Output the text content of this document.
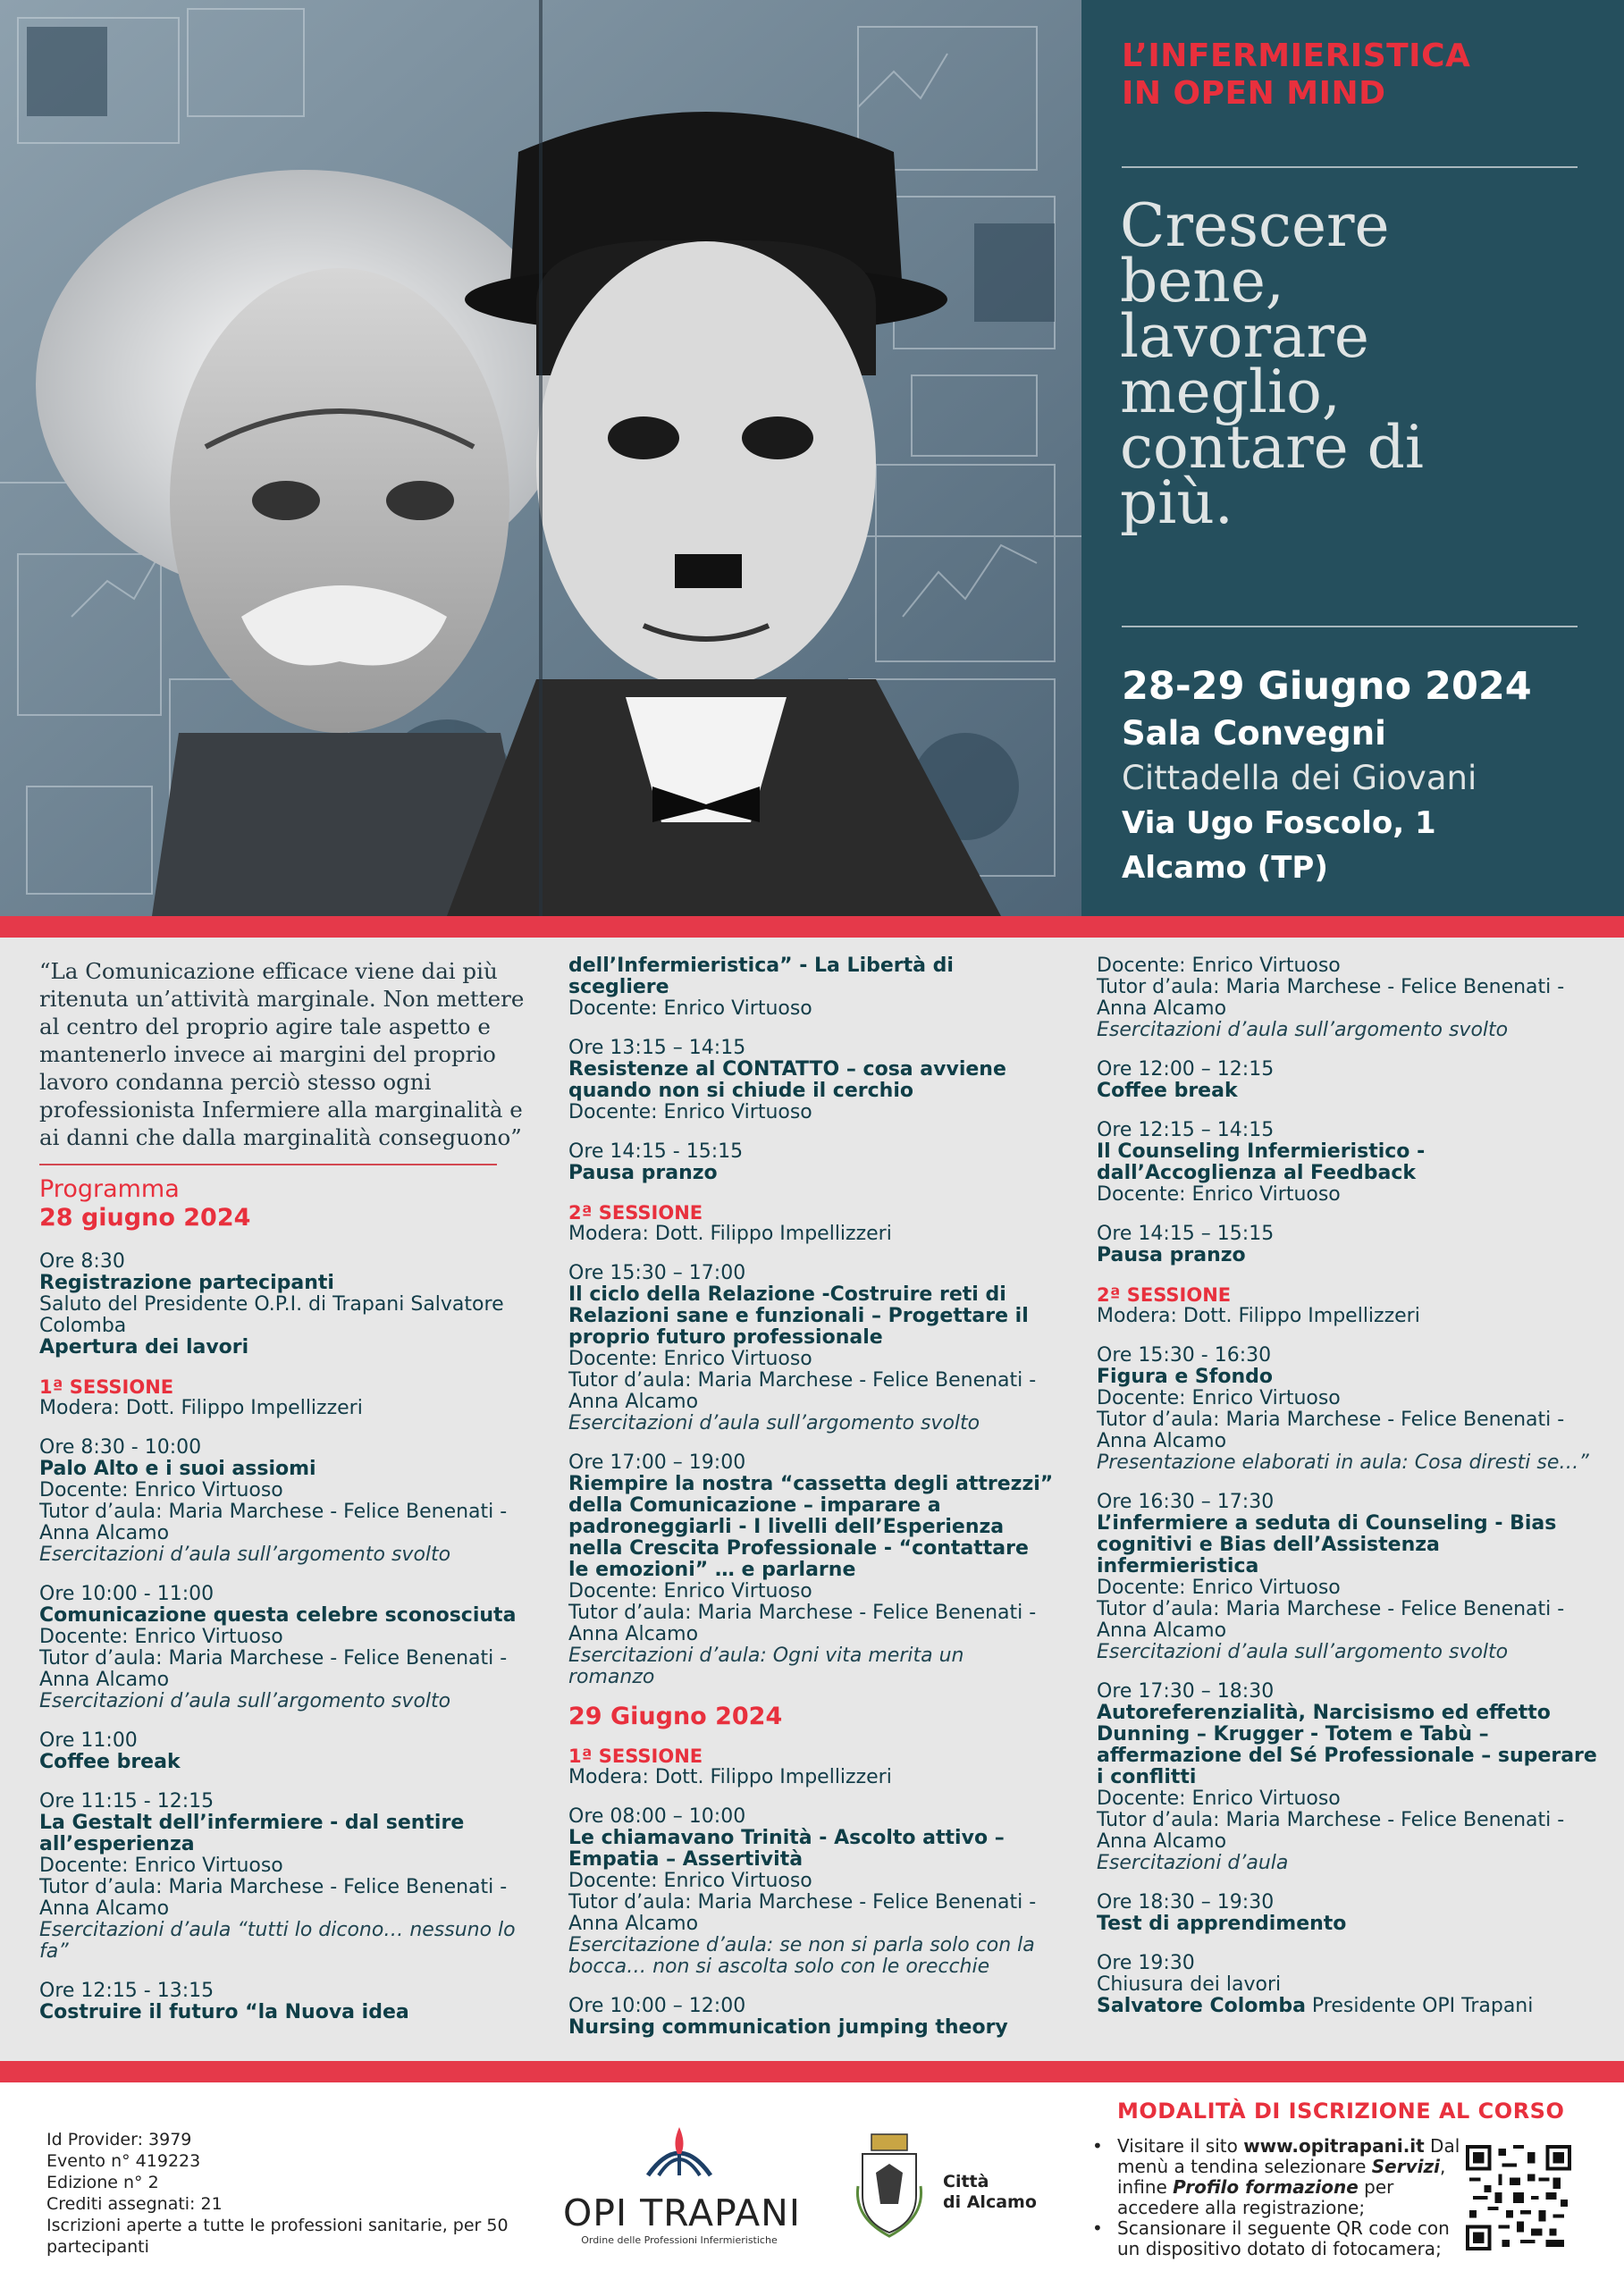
L’INFERMIERISTICA
IN OPEN MIND
Crescere
bene,
lavorare
meglio,
contare di
più.
28-29 Giugno 2024
Sala Convegni
Cittadella dei Giovani
Via Ugo Foscolo, 1
Alcamo (TP)
“La Comunicazione efficace viene dai più ritenuta un’attività marginale. Non mettere al centro del proprio agire tale aspetto e mantenerlo invece ai margini del proprio lavoro condanna perciò stesso ogni professionista Infermiere alla marginalità e ai danni che dalla marginalità conseguono”
Programma
28 giugno 2024
Ore 8:30
Registrazione partecipanti
Saluto del Presidente O.P.I. di Trapani Salvatore Colomba
Apertura dei lavori
1ª SESSIONE
Modera: Dott. Filippo Impellizzeri
Ore 8:30 - 10:00
Palo Alto e i suoi assiomi
Docente: Enrico Virtuoso
Tutor d’aula: Maria Marchese - Felice Benenati - Anna Alcamo
Esercitazioni d’aula sull’argomento svolto
Ore 10:00 - 11:00
Comunicazione questa celebre sconosciuta
Docente: Enrico Virtuoso
Tutor d’aula: Maria Marchese - Felice Benenati - Anna Alcamo
Esercitazioni d’aula sull’argomento svolto
Ore 11:00
Coffee break
Ore 11:15 - 12:15
La Gestalt dell’infermiere - dal sentire all’esperienza
Docente: Enrico Virtuoso
Tutor d’aula: Maria Marchese - Felice Benenati - Anna Alcamo
Esercitazioni d’aula “tutti lo dicono… nessuno lo fa”
Ore 12:15 - 13:15
Costruire il futuro “la Nuova idea
dell’Infermieristica” - La Libertà di scegliere
Docente: Enrico Virtuoso
Ore 13:15 – 14:15
Resistenze al CONTATTO – cosa avviene quando non si chiude il cerchio
Docente: Enrico Virtuoso
Ore 14:15 - 15:15
Pausa pranzo
2ª SESSIONE
Modera: Dott. Filippo Impellizzeri
Ore 15:30 – 17:00
Il ciclo della Relazione -Costruire reti di Relazioni sane e funzionali – Progettare il proprio futuro professionale
Docente: Enrico Virtuoso
Tutor d’aula: Maria Marchese - Felice Benenati - Anna Alcamo
Esercitazioni d’aula sull’argomento svolto
Ore 17:00 – 19:00
Riempire la nostra “cassetta degli attrezzi” della Comunicazione – imparare a padroneggiarli - I livelli dell’Esperienza nella Crescita Professionale - “contattare le emozioni” … e parlarne
Docente: Enrico Virtuoso
Tutor d’aula: Maria Marchese - Felice Benenati - Anna Alcamo
Esercitazioni d’aula: Ogni vita merita un romanzo
29 Giugno 2024
1ª SESSIONE
Modera: Dott. Filippo Impellizzeri
Ore 08:00 – 10:00
Le chiamavano Trinità - Ascolto attivo – Empatia – Assertività
Docente: Enrico Virtuoso
Tutor d’aula: Maria Marchese - Felice Benenati - Anna Alcamo
Esercitazione d’aula: se non si parla solo con la bocca… non si ascolta solo con le orecchie
Ore 10:00 – 12:00
Nursing communication jumping theory
Docente: Enrico Virtuoso
Tutor d’aula: Maria Marchese - Felice Benenati - Anna Alcamo
Esercitazioni d’aula sull’argomento svolto
Ore 12:00 – 12:15
Coffee break
Ore 12:15 – 14:15
Il Counseling Infermieristico - dall’Accoglienza al Feedback
Docente: Enrico Virtuoso
Ore 14:15 – 15:15
Pausa pranzo
2ª SESSIONE
Modera: Dott. Filippo Impellizzeri
Ore 15:30 - 16:30
Figura e Sfondo
Docente: Enrico Virtuoso
Tutor d’aula: Maria Marchese - Felice Benenati - Anna Alcamo
Presentazione elaborati in aula: Cosa diresti se…”
Ore 16:30 – 17:30
L’infermiere a seduta di Counseling - Bias cognitivi e Bias dell’Assistenza infermieristica
Docente: Enrico Virtuoso
Tutor d’aula: Maria Marchese - Felice Benenati - Anna Alcamo
Esercitazioni d’aula sull’argomento svolto
Ore 17:30 – 18:30
Autoreferenzialità, Narcisismo ed effetto Dunning – Krugger - Totem e Tabù – affermazione del Sé Professionale – superare i conflitti
Docente: Enrico Virtuoso
Tutor d’aula: Maria Marchese - Felice Benenati - Anna Alcamo
Esercitazioni d’aula
Ore 18:30 – 19:30
Test di apprendimento
Ore 19:30
Chiusura dei lavori
Salvatore Colomba Presidente OPI Trapani
Id Provider: 3979
Evento n° 419223
Edizione n° 2
Crediti assegnati: 21
Iscrizioni aperte a tutte le professioni sanitarie, per 50 partecipanti
OPI TRAPANI
Ordine delle Professioni Infermieristiche
Città
di Alcamo
MODALITÀ DI ISCRIZIONE AL CORSO
• Visitare il sito www.opitrapani.it Dal menù a tendina selezionare Servizi, infine Profilo formazione per accedere alla registrazione;
• Scansionare il seguente QR code con un dispositivo dotato di fotocamera;
